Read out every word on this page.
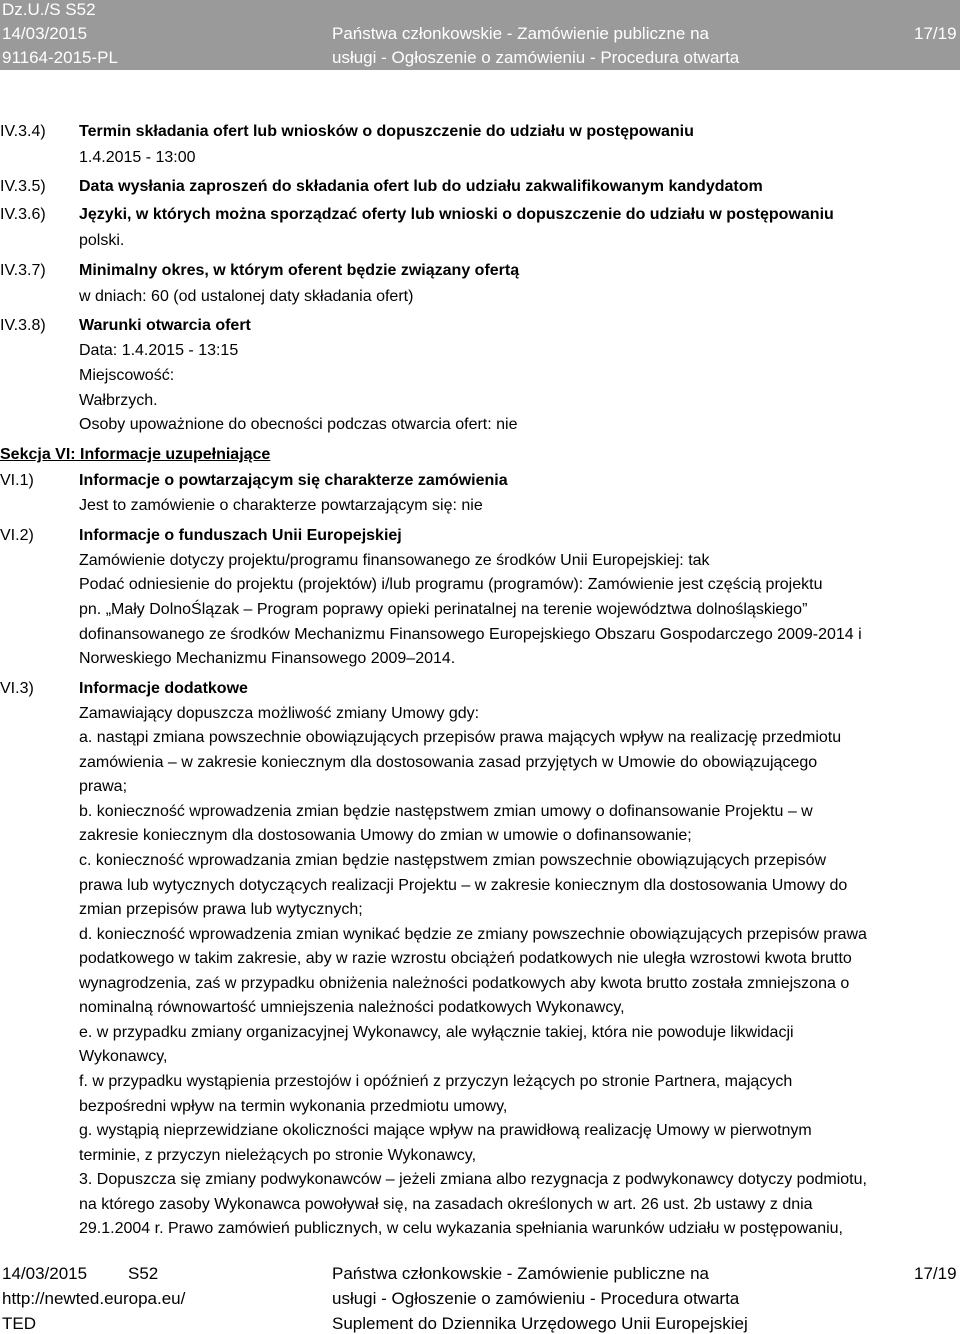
Dz.U./S S52
14/03/2015
91164-2015-PL
Państwa członkowskie - Zamówienie publiczne na
usługi - Ogłoszenie o zamówieniu - Procedura otwarta
17/19
IV.3.4) Termin składania ofert lub wniosków o dopuszczenie do udziału w postępowaniu
1.4.2015 - 13:00
IV.3.5) Data wysłania zaproszeń do składania ofert lub do udziału zakwalifikowanym kandydatom
IV.3.6) Języki, w których można sporządzać oferty lub wnioski o dopuszczenie do udziału w postępowaniu
polski.
IV.3.7) Minimalny okres, w którym oferent będzie związany ofertą
w dniach: 60 (od ustalonej daty składania ofert)
IV.3.8) Warunki otwarcia ofert
Data: 1.4.2015 - 13:15
Miejscowość:
Wałbrzych.
Osoby upoważnione do obecności podczas otwarcia ofert: nie
Sekcja VI: Informacje uzupełniające
VI.1)	Informacje o powtarzającym się charakterze zamówienia
Jest to zamówienie o charakterze powtarzającym się: nie
VI.2)	Informacje o funduszach Unii Europejskiej
Zamówienie dotyczy projektu/programu finansowanego ze środków Unii Europejskiej: tak
Podać odniesienie do projektu (projektów) i/lub programu (programów): Zamówienie jest częścią projektu
pn. „Mały DolnoŚlązak – Program poprawy opieki perinatalnej na terenie województwa dolnośląskiego”
dofinansowanego ze środków Mechanizmu Finansowego Europejskiego Obszaru Gospodarczego 2009-2014 i
Norweskiego Mechanizmu Finansowego 2009–2014.
VI.3)	Informacje dodatkowe
Zamawiający dopuszcza możliwość zmiany Umowy gdy:
a. nastąpi zmiana powszechnie obowiązujących przepisów prawa mających wpływ na realizację przedmiotu
zamówienia – w zakresie koniecznym dla dostosowania zasad przyjętych w Umowie do obowiązującego
prawa;
b. konieczność wprowadzenia zmian będzie następstwem zmian umowy o dofinansowanie Projektu – w
zakresie koniecznym dla dostosowania Umowy do zmian w umowie o dofinansowanie;
c. konieczność wprowadzania zmian będzie następstwem zmian powszechnie obowiązujących przepisów
prawa lub wytycznych dotyczących realizacji Projektu – w zakresie koniecznym dla dostosowania Umowy do
zmian przepisów prawa lub wytycznych;
d. konieczność wprowadzenia zmian wynikać będzie ze zmiany powszechnie obowiązujących przepisów prawa
podatkowego w takim zakresie, aby w razie wzrostu obciążeń podatkowych nie uległa wzrostowi kwota brutto
wynagrodzenia, zaś w przypadku obniżenia należności podatkowych aby kwota brutto została zmniejszona o
nominalną równowartość umniejszenia należności podatkowych Wykonawcy,
e. w przypadku zmiany organizacyjnej Wykonawcy, ale wyłącznie takiej, która nie powoduje likwidacji
Wykonawcy,
f. w przypadku wystąpienia przestojów i opóźnień z przyczyn leżących po stronie Partnera, mających
bezpośredni wpływ na termin wykonania przedmiotu umowy,
g. wystąpią nieprzewidziane okoliczności mające wpływ na prawidłową realizację Umowy w pierwotnym
terminie, z przyczyn nieleżących po stronie Wykonawcy,
3. Dopuszcza się zmiany podwykonawców – jeżeli zmiana albo rezygnacja z podwykonawcy dotyczy podmiotu,
na którego zasoby Wykonawca powoływał się, na zasadach określonych w art. 26 ust. 2b ustawy z dnia
29.1.2004 r. Prawo zamówień publicznych, w celu wykazania spełniania warunków udziału w postępowaniu,
14/03/2015 S52
http://newted.europa.eu/
TED
Państwa członkowskie - Zamówienie publiczne na
usługi - Ogłoszenie o zamówieniu - Procedura otwarta
Suplement do Dziennika Urzędowego Unii Europejskiej
17/19
